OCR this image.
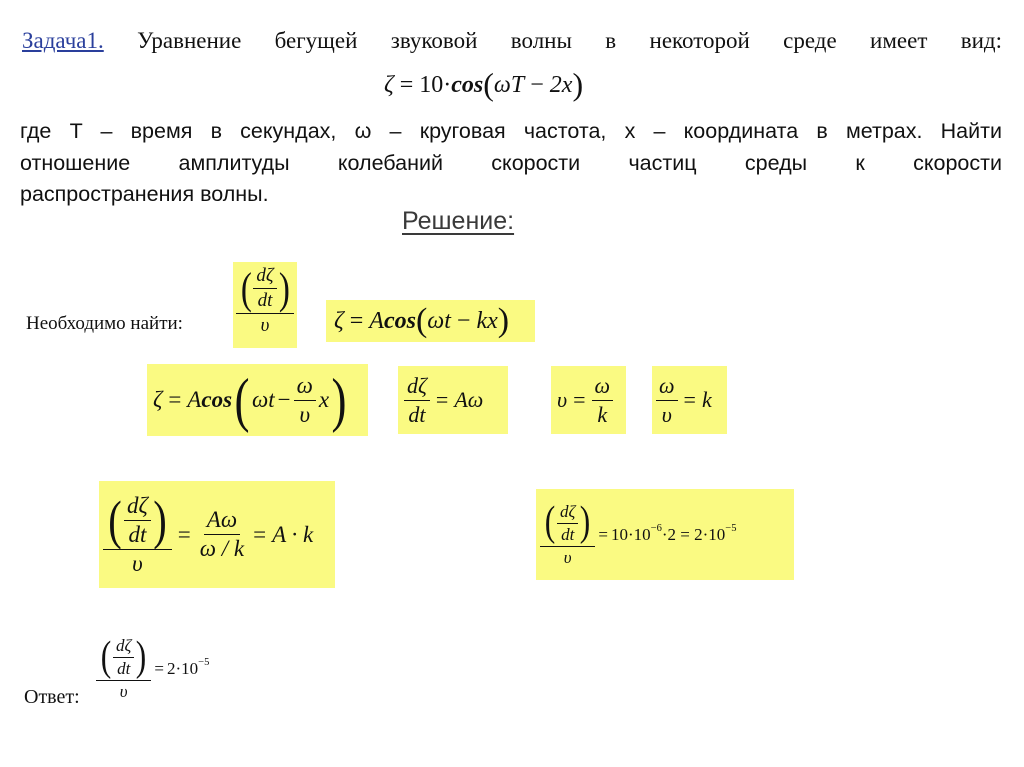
Задача1. Уравнение бегущей звуковой волны в некоторой среде имеет вид:
ζ = 10·cos(ωT − 2x)
где T – время в секундах, ω – круговая частота, x – координата в метрах. Найти
отношение амплитуды колебаний скорости частиц среды к скорости
распространения волны.
Решение:
Необходимо найти:
( $\frac{d\zeta}{dt}$ )
υ	ζ = A cos ( ω t − kx )
ζ = A cos ( ω $t - \frac{\omega}{\upsilon}$ x )	$\frac{d\zeta}{dt} = A\omega$	$\upsilon = \frac{\omega}{k} \frac{\omega}{\upsilon} = k$
( $\frac{d\zeta}{dt}$ )
υ
= $\frac{A\omega}{\omega / k} = A \cdot k$	( $\frac{d\zeta}{dt}$ )
υ
= $10\cdot 10^{-6}\cdot 2 = 2\cdot 10^{-5}$
Ответ:
( $\frac{d\zeta}{dt}$ )
υ
= $2\cdot 10^{-5}$
